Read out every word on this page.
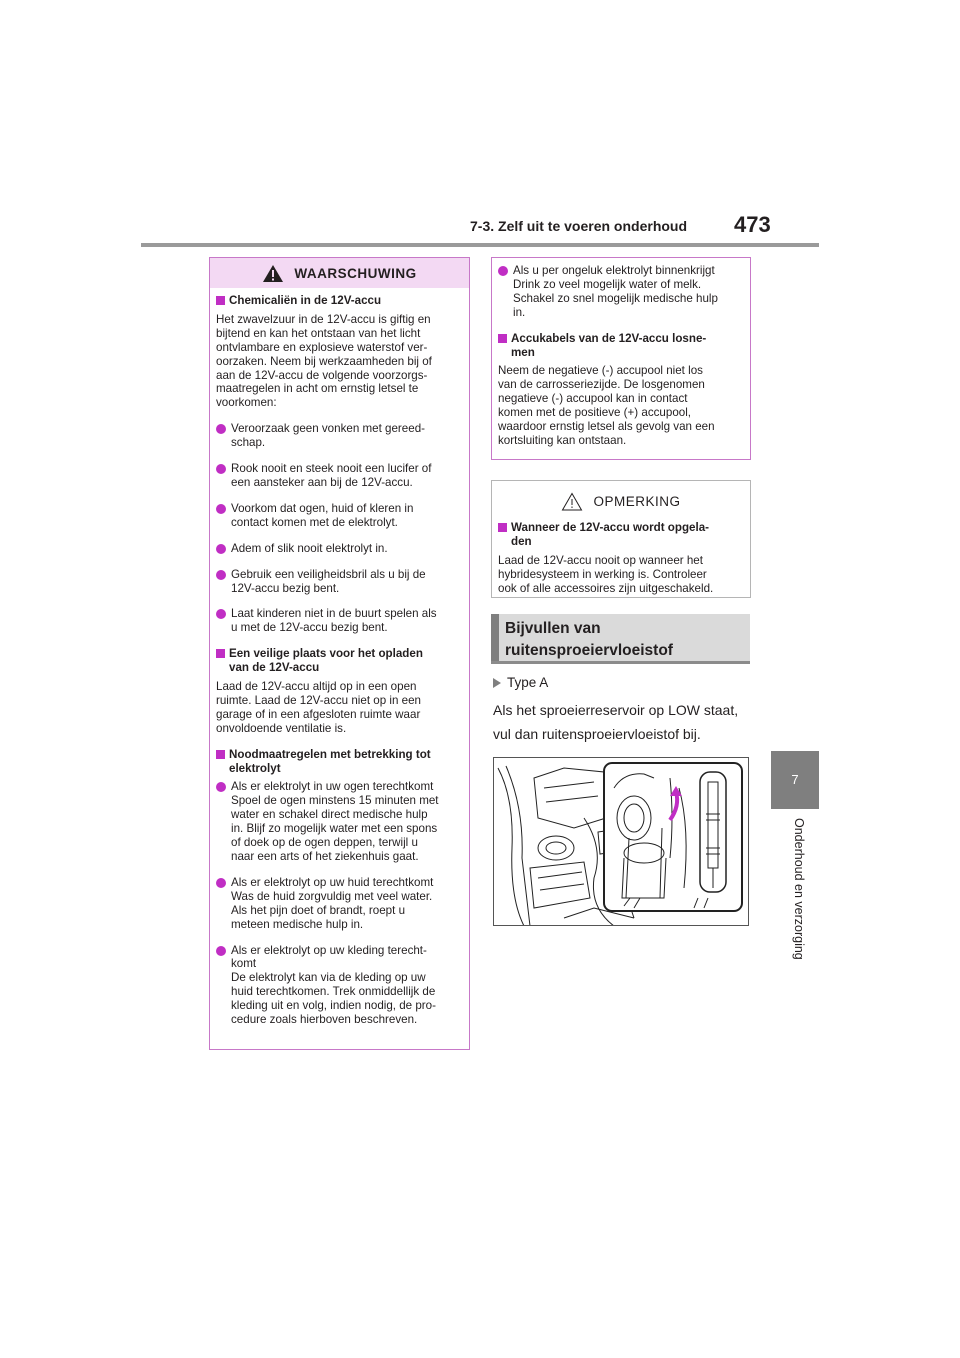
7-3. Zelf uit te voeren onderhoud 473
7
Onderhoud en verzorging
WAARSCHUWING
Chemicaliën in de 12V-accu
Het zwavelzuur in de 12V-accu is giftig en
bijtend en kan het ontstaan van het licht
ontvlambare en explosieve waterstof ver-
oorzaken. Neem bij werkzaamheden bij of
aan de 12V-accu de volgende voorzorgs-
maatregelen in acht om ernstig letsel te
voorkomen:
Veroorzaak geen vonken met gereed-
schap.
Rook nooit en steek nooit een lucifer of
een aansteker aan bij de 12V-accu.
Voorkom dat ogen, huid of kleren in
contact komen met de elektrolyt.
Adem of slik nooit elektrolyt in.
Gebruik een veiligheidsbril als u bij de
12V-accu bezig bent.
Laat kinderen niet in de buurt spelen als
u met de 12V-accu bezig bent.
Een veilige plaats voor het opladen
van de 12V-accu
Laad de 12V-accu altijd op in een open
ruimte. Laad de 12V-accu niet op in een
garage of in een afgesloten ruimte waar
onvoldoende ventilatie is.
Noodmaatregelen met betrekking tot
elektrolyt
Als er elektrolyt in uw ogen terechtkomt
Spoel de ogen minstens 15 minuten met
water en schakel direct medische hulp
in. Blijf zo mogelijk water met een spons
of doek op de ogen deppen, terwijl u
naar een arts of het ziekenhuis gaat.
Als er elektrolyt op uw huid terechtkomt
Was de huid zorgvuldig met veel water.
Als het pijn doet of brandt, roept u
meteen medische hulp in.
Als er elektrolyt op uw kleding terecht-
komt
De elektrolyt kan via de kleding op uw
huid terechtkomen. Trek onmiddellijk de
kleding uit en volg, indien nodig, de pro-
cedure zoals hierboven beschreven.
Als u per ongeluk elektrolyt binnenkrijgt
Drink zo veel mogelijk water of melk.
Schakel zo snel mogelijk medische hulp
in.
Accukabels van de 12V-accu losne-
men
Neem de negatieve (-) accupool niet los
van de carrosseriezijde. De losgenomen
negatieve (-) accupool kan in contact
komen met de positieve (+) accupool,
waardoor ernstig letsel als gevolg van een
kortsluiting kan ontstaan.
OPMERKING
Wanneer de 12V-accu wordt opgela-
den
Laad de 12V-accu nooit op wanneer het
hybridesysteem in werking is. Controleer
ook of alle accessoires zijn uitgeschakeld.
Bijvullen van
ruitensproeiervloeistof
Type A
Als het sproeierreservoir op LOW staat, vul dan ruitensproeiervloeistof bij.
